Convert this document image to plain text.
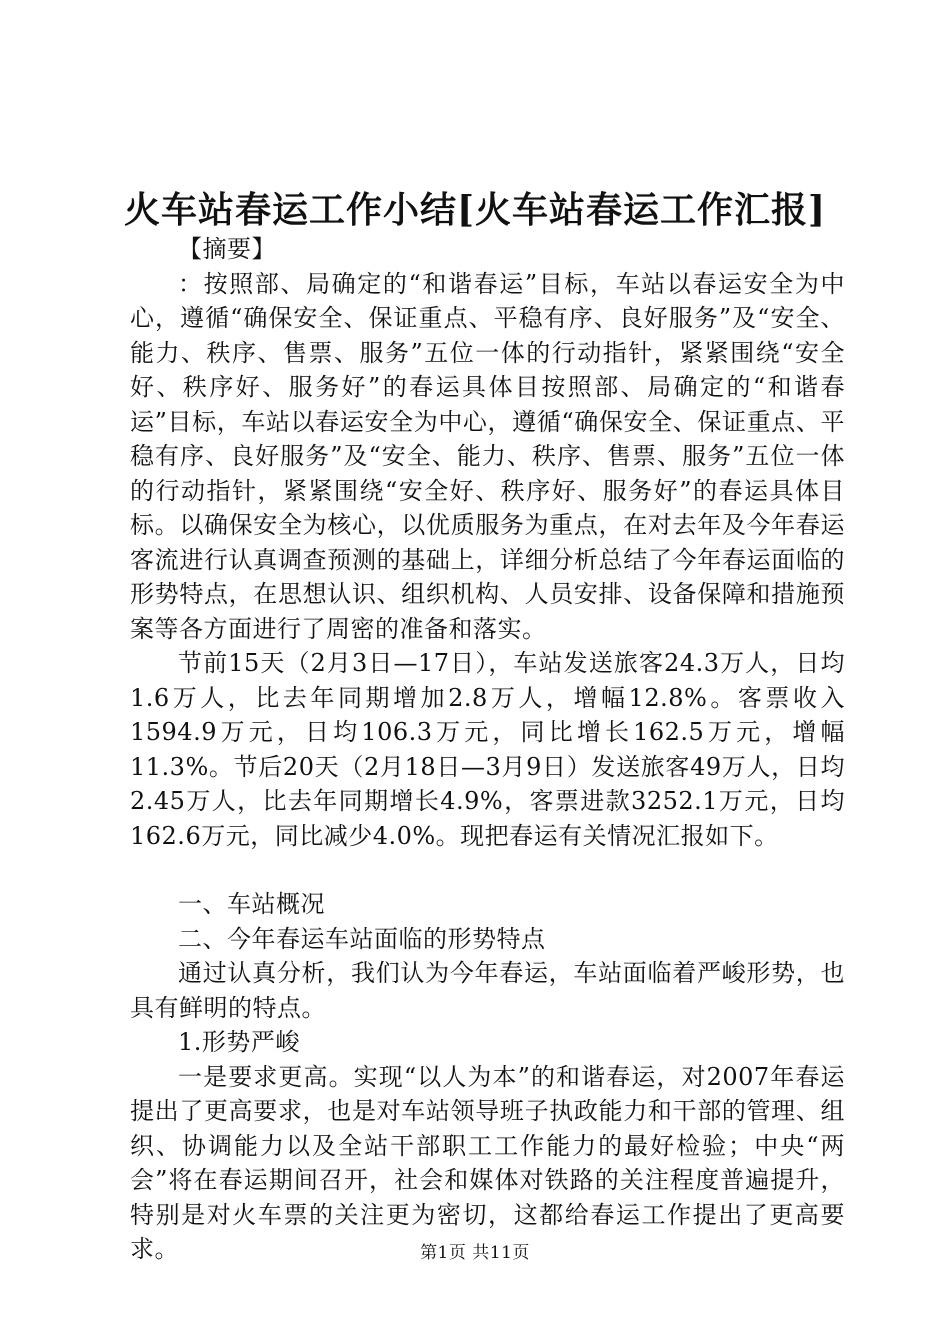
火车站春运工作小结[火车站春运工作汇报]

【摘要】

：按照部、局确定的“和谐春运”目标，车站以春运安全为中心，遵循“确保安全、保证重点、平稳有序、良好服务”及“安全、能力、秩序、售票、服务”五位一体的行动指针，紧紧围绕“安全好、秩序好、服务好”的春运具体目按照部、局确定的“和谐春运”目标，车站以春运安全为中心，遵循“确保安全、保证重点、平稳有序、良好服务”及“安全、能力、秩序、售票、服务”五位一体的行动指针，紧紧围绕“安全好、秩序好、服务好”的春运具体目标。以确保安全为核心，以优质服务为重点，在对去年及今年春运客流进行认真调查预测的基础上，详细分析总结了今年春运面临的形势特点，在思想认识、组织机构、人员安排、设备保障和措施预案等各方面进行了周密的准备和落实。

节前15天（2月3日—17日），车站发送旅客24.3万人，日均1.6万人，比去年同期增加2.8万人，增幅12.8%。客票收入1594.9万元，日均106.3万元，同比增长162.5万元，增幅11.3%。节后20天（2月18日—3月9日）发送旅客49万人，日均2.45万人，比去年同期增长4.9%，客票进款3252.1万元，日均162.6万元，同比减少4.0%。现把春运有关情况汇报如下。

一、车站概况

二、今年春运车站面临的形势特点

通过认真分析，我们认为今年春运，车站面临着严峻形势，也具有鲜明的特点。

1.形势严峻

一是要求更高。实现“以人为本”的和谐春运，对2007年春运提出了更高要求，也是对车站领导班子执政能力和干部的管理、组织、协调能力以及全站干部职工工作能力的最好检验；中央“两会”将在春运期间召开，社会和媒体对铁路的关注程度普遍提升，特别是对火车票的关注更为密切，这都给春运工作提出了更高要求。	第1页 共11页
